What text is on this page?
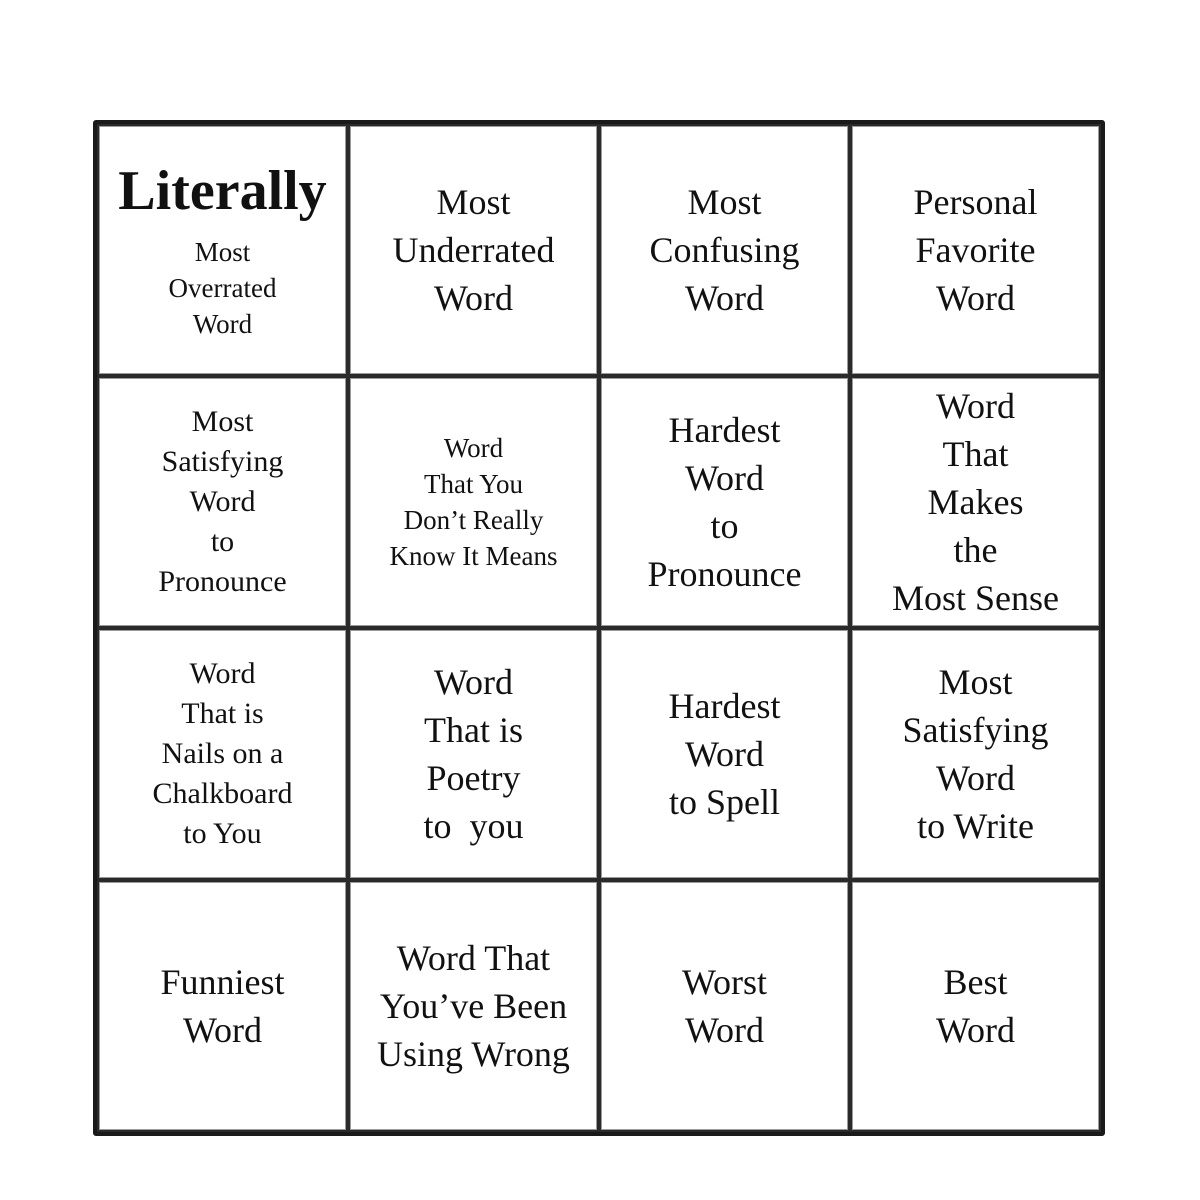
Literally
Most
Overrated
Word
Most
Underrated
Word
Most
Confusing
Word
Personal
Favorite
Word
Most
Satisfying
Word
to
Pronounce
Word
That You
Don’t Really
Know It Means
Hardest
Word
to
Pronounce
Word
That
Makes
the
Most Sense
Word
That is
Nails on a
Chalkboard
to You
Word
That is
Poetry
to  you
Hardest
Word
to Spell
Most
Satisfying
Word
to Write
Funniest
Word
Word That
You’ve Been
Using Wrong
Worst
Word
Best
Word
